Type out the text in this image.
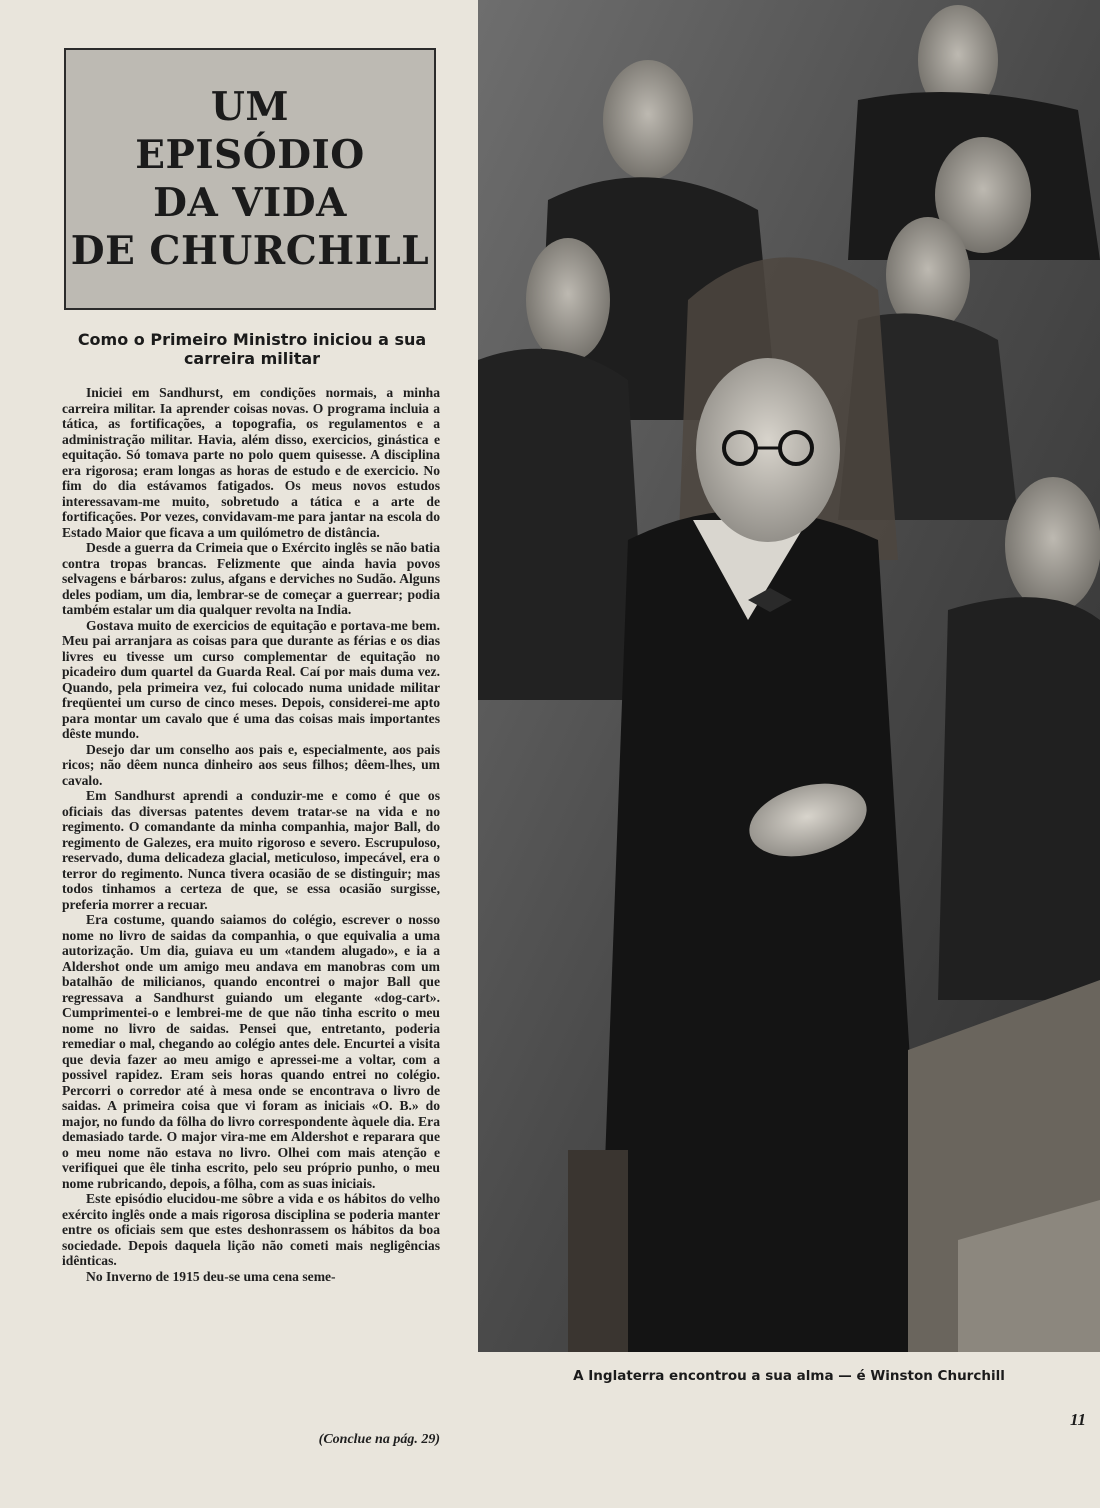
UM
EPISÓDIO
DA VIDA
DE CHURCHILL
Como o Primeiro Ministro iniciou a sua carreira militar

Iniciei em Sandhurst, em condições normais, a minha carreira militar. Ia aprender coisas novas. O programa incluia a tática, as fortificações, a topografia, os regulamentos e a administração militar. Havia, além disso, exercicios, ginástica e equitação. Só tomava parte no polo quem quisesse. A disciplina era rigorosa; eram longas as horas de estudo e de exercicio. No fim do dia estávamos fatigados. Os meus novos estudos interessavam-me muito, sobretudo a tática e a arte de fortificações. Por vezes, convidavam-me para jantar na escola do Estado Maior que ficava a um quilómetro de distância.

Desde a guerra da Crimeia que o Exército inglês se não batia contra tropas brancas. Felizmente que ainda havia povos selvagens e bárbaros: zulus, afgans e derviches no Sudão. Alguns deles podiam, um dia, lembrar-se de começar a guerrear; podia também estalar um dia qualquer revolta na India.

Gostava muito de exercicios de equitação e portava-me bem. Meu pai arranjara as coisas para que durante as férias e os dias livres eu tivesse um curso complementar de equitação no picadeiro dum quartel da Guarda Real. Caí por mais duma vez. Quando, pela primeira vez, fui colocado numa unidade militar freqüentei um curso de cinco meses. Depois, considerei-me apto para montar um cavalo que é uma das coisas mais importantes dêste mundo.

Desejo dar um conselho aos pais e, especialmente, aos pais ricos; não dêem nunca dinheiro aos seus filhos; dêem-lhes, um cavalo.

Em Sandhurst aprendi a conduzir-me e como é que os oficiais das diversas patentes devem tratar-se na vida e no regimento. O comandante da minha companhia, major Ball, do regimento de Galezes, era muito rigoroso e severo. Escrupuloso, reservado, duma delicadeza glacial, meticuloso, impecável, era o terror do regimento. Nunca tivera ocasião de se distinguir; mas todos tinhamos a certeza de que, se essa ocasião surgisse, preferia morrer a recuar.

Era costume, quando saiamos do colégio, escrever o nosso nome no livro de saidas da companhia, o que equivalia a uma autorização. Um dia, guiava eu um «tandem alugado», e ia a Aldershot onde um amigo meu andava em manobras com um batalhão de milicianos, quando encontrei o major Ball que regressava a Sandhurst guiando um elegante «dog-cart». Cumprimentei-o e lembrei-me de que não tinha escrito o meu nome no livro de saidas. Pensei que, entretanto, poderia remediar o mal, chegando ao colégio antes dele. Encurtei a visita que devia fazer ao meu amigo e apressei-me a voltar, com a possivel rapidez. Eram seis horas quando entrei no colégio. Percorri o corredor até à mesa onde se encontrava o livro de saidas. A primeira coisa que vi foram as iniciais «O. B.» do major, no fundo da fôlha do livro correspondente àquele dia. Era demasiado tarde. O major vira-me em Aldershot e reparara que o meu nome não estava no livro. Olhei com mais atenção e verifiquei que êle tinha escrito, pelo seu próprio punho, o meu nome rubricando, depois, a fôlha, com as suas iniciais.

Este episódio elucidou-me sôbre a vida e os hábitos do velho exército inglês onde a mais rigorosa disciplina se poderia manter entre os oficiais sem que estes deshonrassem os hábitos da boa sociedade. Depois daquela lição não cometi mais negligências idênticas.

No Inverno de 1915 deu-se uma cena seme-

(Conclue na pág. 29)
A Inglaterra encontrou a sua alma — é Winston Churchill
11
